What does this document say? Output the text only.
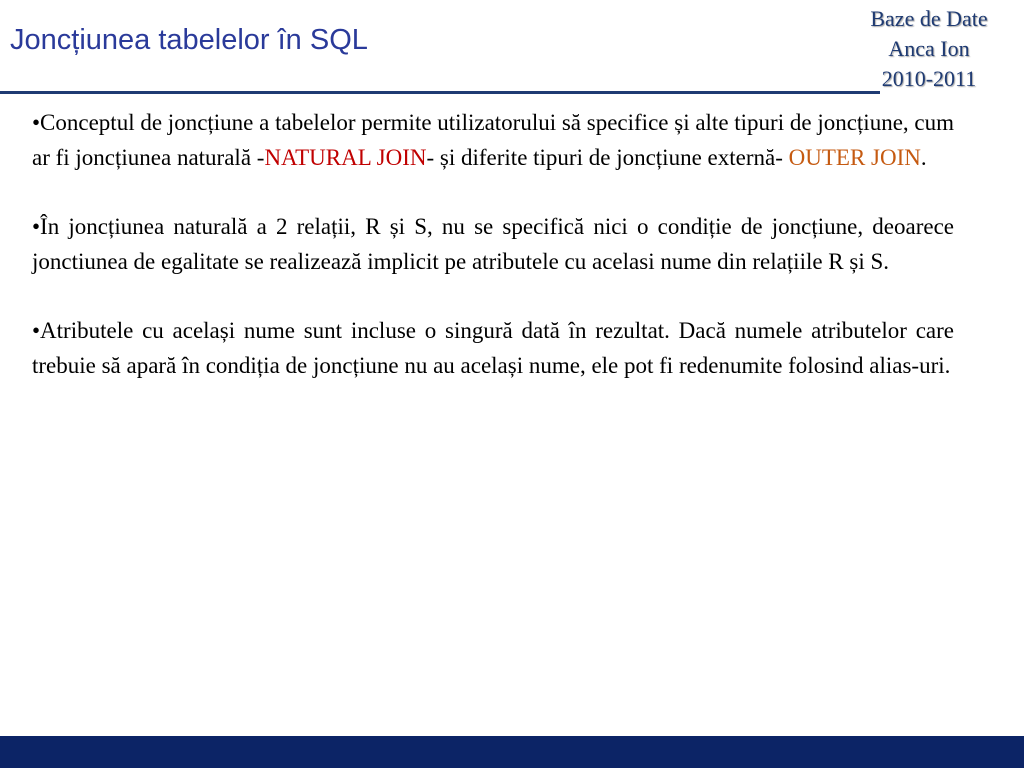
Joncțiunea tabelelor în SQL
Baze de Date
Anca Ion
2010-2011

•Conceptul de joncțiune a tabelelor permite utilizatorului să specifice și alte tipuri de joncțiune, cum ar fi joncțiunea naturală -NATURAL JOIN- și diferite tipuri de joncțiune externă- OUTER JOIN.

•În joncțiunea naturală a 2 relații, R și S, nu se specifică nici o condiție de joncțiune, deoarece jonctiunea de egalitate se realizează implicit pe atributele cu acelasi nume din relațiile R și S.

•Atributele cu același nume sunt incluse o singură dată în rezultat. Dacă numele atributelor care trebuie să apară în condiția de joncțiune nu au același nume, ele pot fi redenumite folosind alias-uri.
